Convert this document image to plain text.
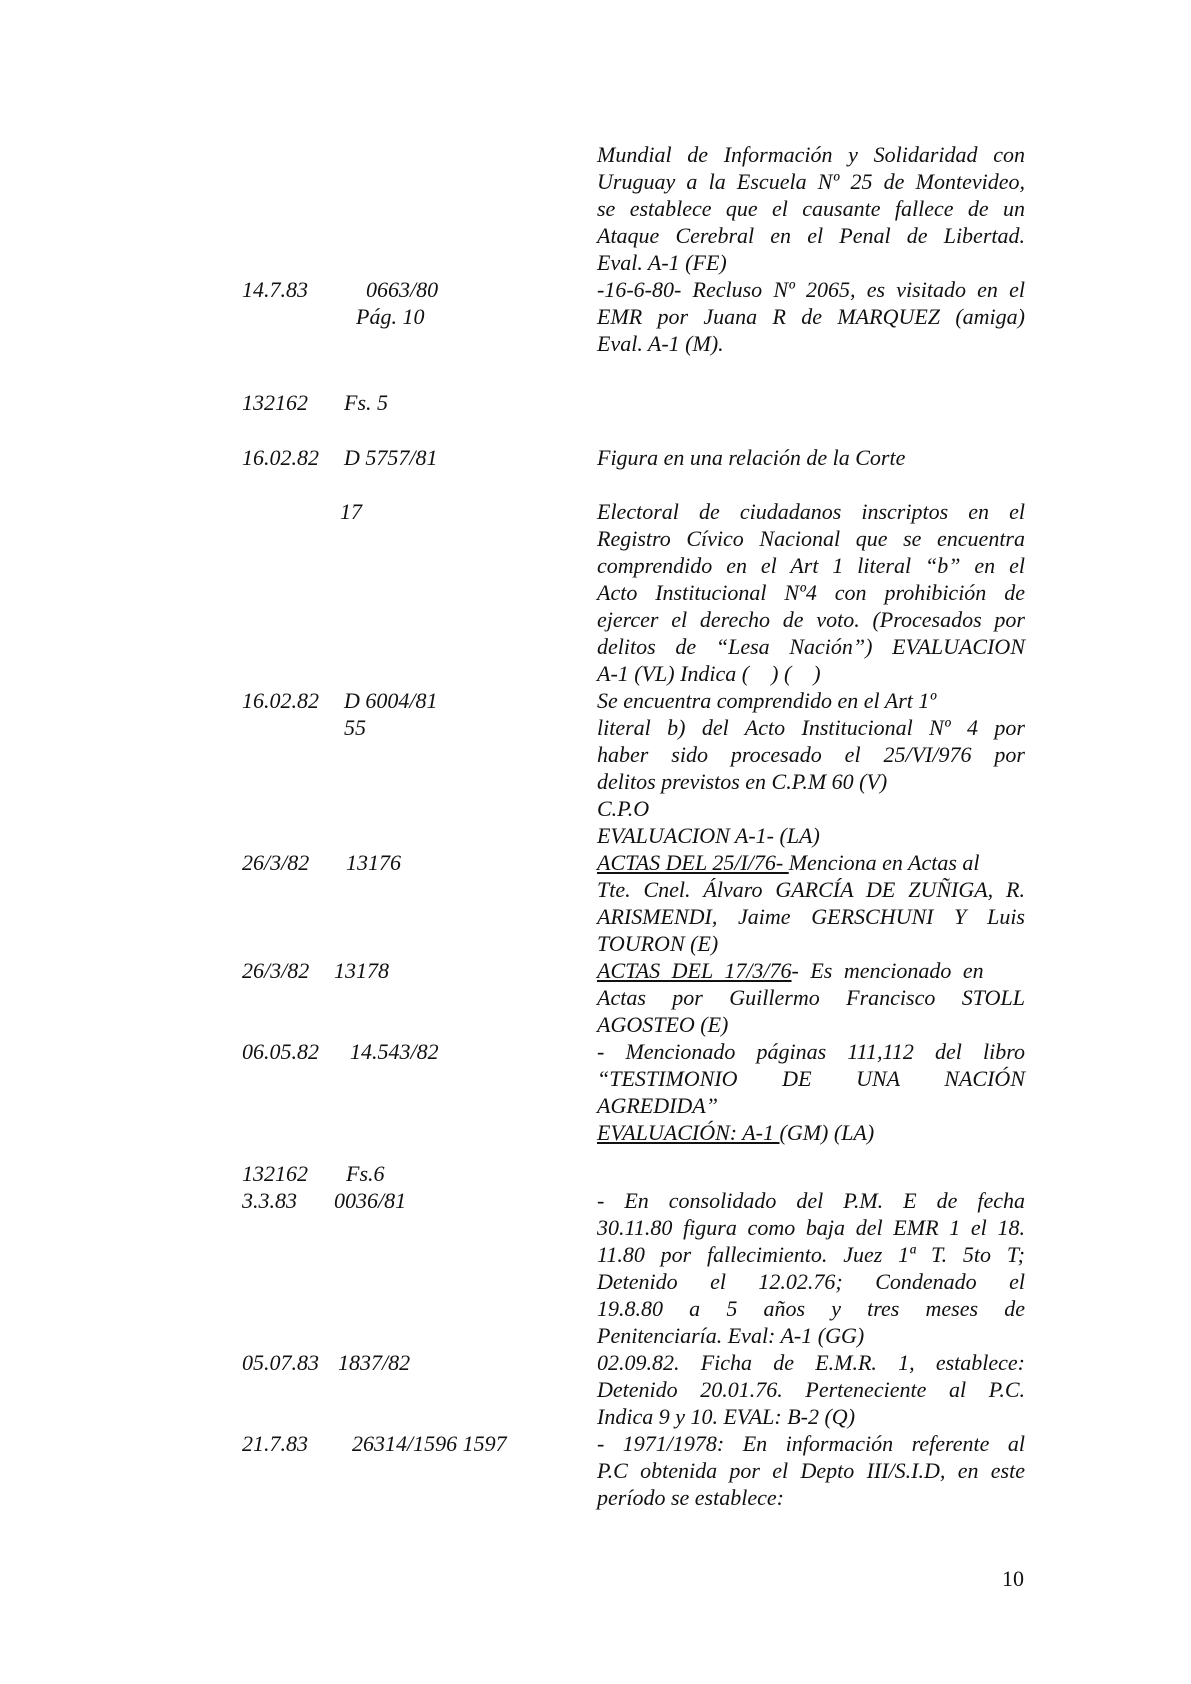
Mundial de Información y Solidaridad con
Uruguay a la Escuela Nº 25 de Montevideo,
se establece que el causante fallece de un
Ataque Cerebral en el Penal de Libertad.
Eval. A-1 (FE)
14.7.83	0663/80	-16-6-80- Recluso Nº 2065, es visitado en el
Pág. 10	EMR por Juana R de MARQUEZ (amiga)
Eval. A-1 (M).
132162 Fs. 5
16.02.82 D 5757/81	Figura en una relación de la Corte
17	Electoral de ciudadanos inscriptos en el
Registro Cívico Nacional que se encuentra
comprendido en el Art 1 literal “b” en el
Acto Institucional Nº4 con prohibición de
ejercer el derecho de voto. (Procesados por
delitos de “Lesa Nación”) EVALUACION
A-1 (VL) Indica (    ) (    )
16.02.82 D 6004/81	Se encuentra comprendido en el Art 1º
55	literal b) del Acto Institucional Nº 4 por
haber sido procesado el 25/VI/976 por
delitos previstos en C.P.M 60 (V)
C.P.O
EVALUACION A-1- (LA)
26/3/82 13176	ACTAS DEL 25/I/76- Menciona en Actas al
Tte. Cnel. Álvaro GARCÍA DE ZUÑIGA, R.
ARISMENDI, Jaime GERSCHUNI Y Luis
TOURON (E)
26/3/82 13178	ACTAS DEL 17/3/76- Es mencionado en
Actas por Guillermo Francisco STOLL
AGOSTEO (E)
06.05.82 14.543/82	- Mencionado páginas 111,112 del libro
“TESTIMONIO DE UNA NACIÓN
AGREDIDA”
EVALUACIÓN: A-1 (GM) (LA)
132162 Fs.6
3.3.83 0036/81	- En consolidado del P.M. E de fecha
30.11.80 figura como baja del EMR 1 el 18.
11.80 por fallecimiento. Juez 1ª T. 5to T;
Detenido el 12.02.76; Condenado el
19.8.80 a 5 años y tres meses de
Penitenciaría. Eval: A-1 (GG)
05.07.83 1837/82	02.09.82. Ficha de E.M.R. 1, establece:
Detenido 20.01.76. Perteneciente al P.C.
Indica 9 y 10. EVAL: B-2 (Q)
21.7.83 26314/1596 1597	- 1971/1978: En información referente al
P.C obtenida por el Depto III/S.I.D, en este
período se establece:
10
